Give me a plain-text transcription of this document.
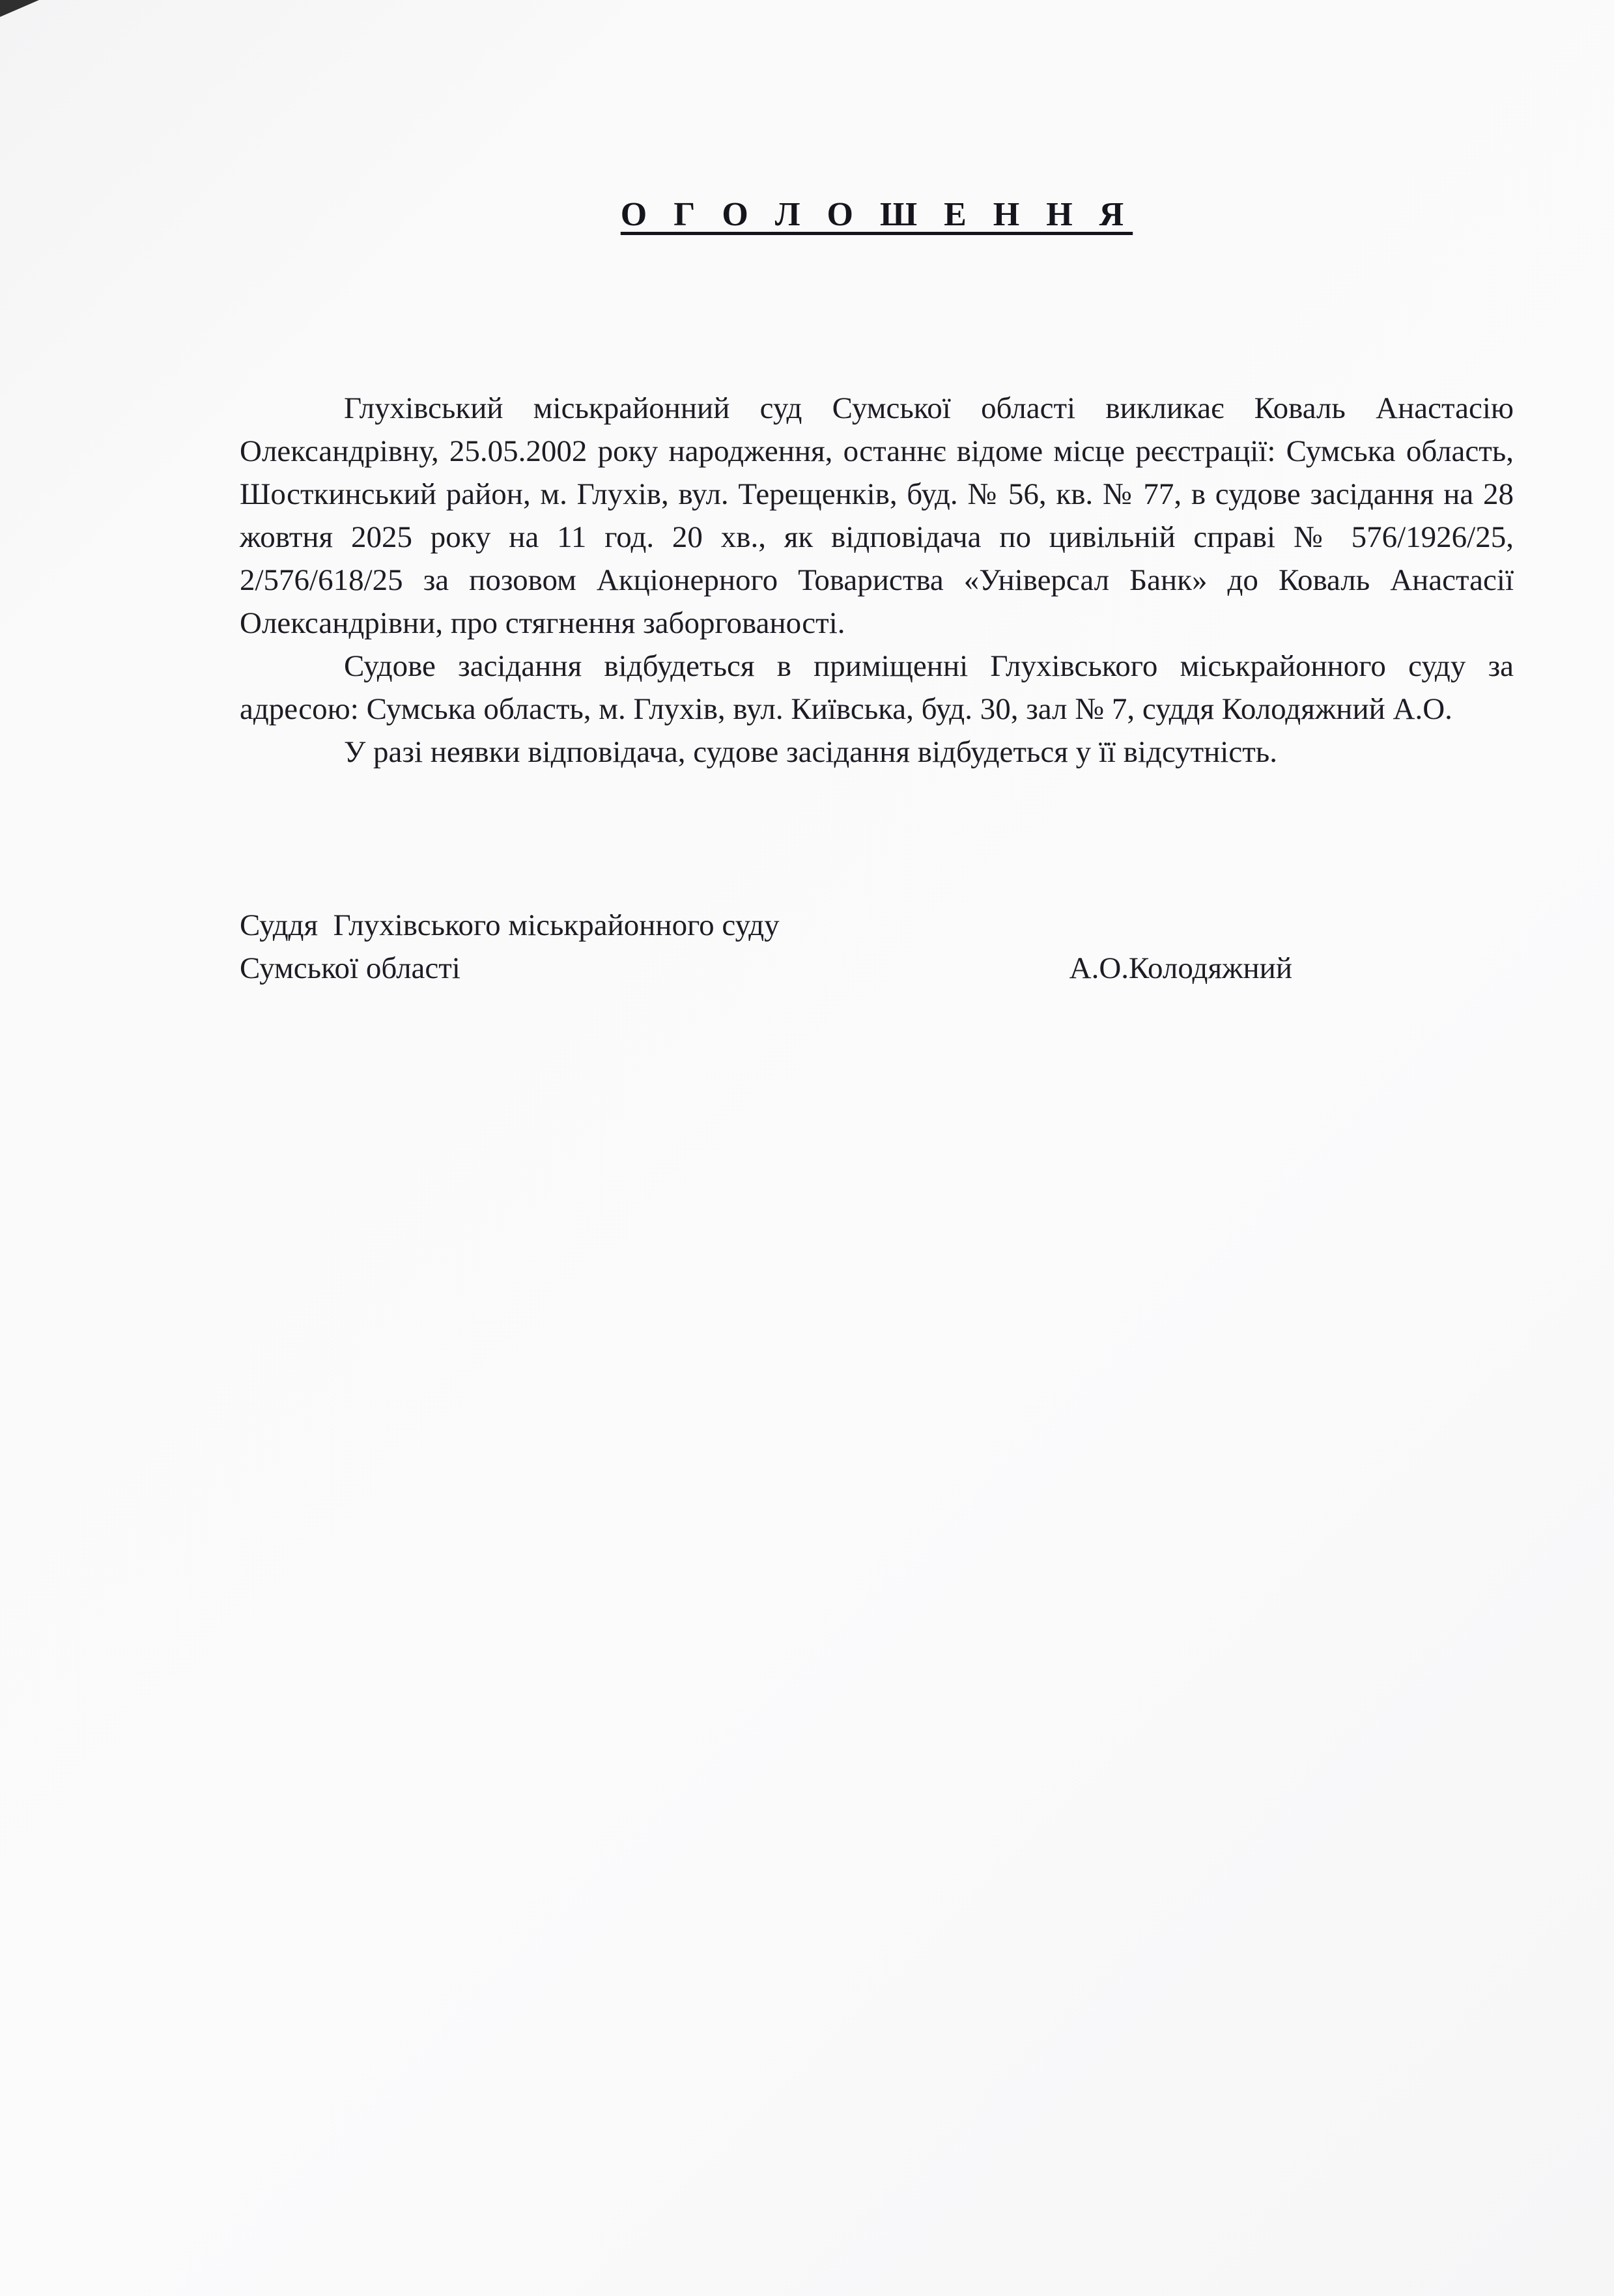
О Г О Л О Ш Е Н Н Я

Глухівський міськрайонний суд Сумської області викликає Коваль Анастасію Олександрівну, 25.05.2002 року народження, останнє відоме місце реєстрації: Сумська область, Шосткинський район, м. Глухів, вул. Терещенків, буд. № 56, кв. № 77, в судове засідання на 28 жовтня 2025 року на 11 год. 20 хв., як відповідача по цивільній справі № 576/1926/25, 2/576/618/25 за позовом Акціонерного Товариства «Універсал Банк» до Коваль Анастасії Олександрівни, про стягнення заборгованості.

Судове засідання відбудеться в приміщенні Глухівського міськрайонного суду за адресою: Сумська область, м. Глухів, вул. Київська, буд. 30, зал № 7, суддя Колодяжний А.О.

У разі неявки відповідача, судове засідання відбудеться у її відсутність.

Суддя  Глухівського міськрайонного суду
Сумської області	А.О.Колодяжний
